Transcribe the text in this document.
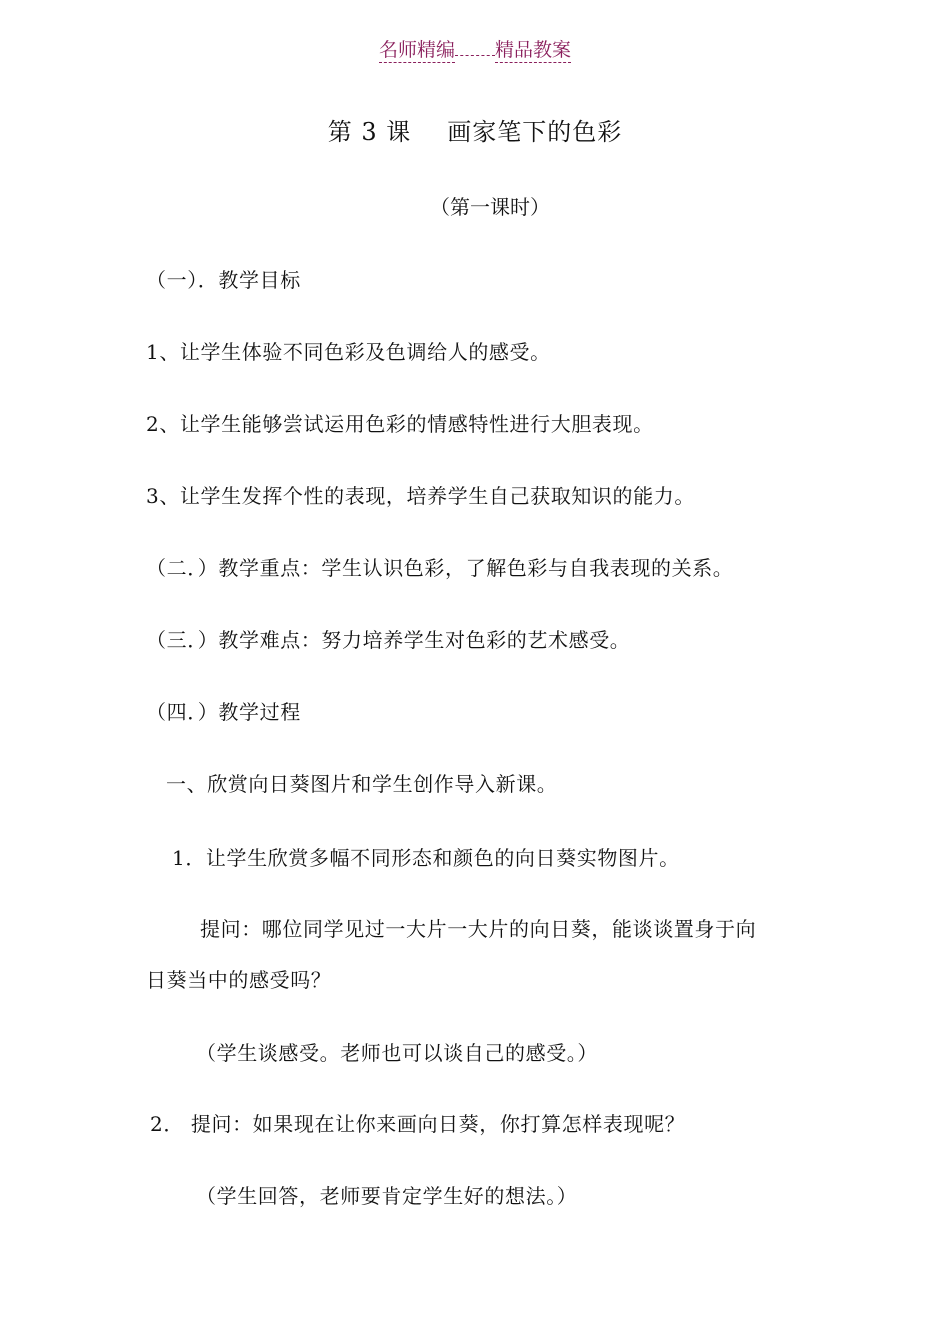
名师精编 精品教案
第 3 课 画家笔下的色彩
（第一课时）
（一）．教学目标
1、让学生体验不同色彩及色调给人的感受。
2、让学生能够尝试运用色彩的情感特性进行大胆表现。
3、让学生发挥个性的表现，培养学生自己获取知识的能力。
（二．）教学重点：学生认识色彩，了解色彩与自我表现的关系。
（三．）教学难点：努力培养学生对色彩的艺术感受。
（四．）教学过程
一、欣赏向日葵图片和学生创作导入新课。
1．让学生欣赏多幅不同形态和颜色的向日葵实物图片。
提问：哪位同学见过一大片一大片的向日葵，能谈谈置身于向
日葵当中的感受吗？
（学生谈感受。老师也可以谈自己的感受。）
2． 提问：如果现在让你来画向日葵，你打算怎样表现呢？
（学生回答，老师要肯定学生好的想法。）
